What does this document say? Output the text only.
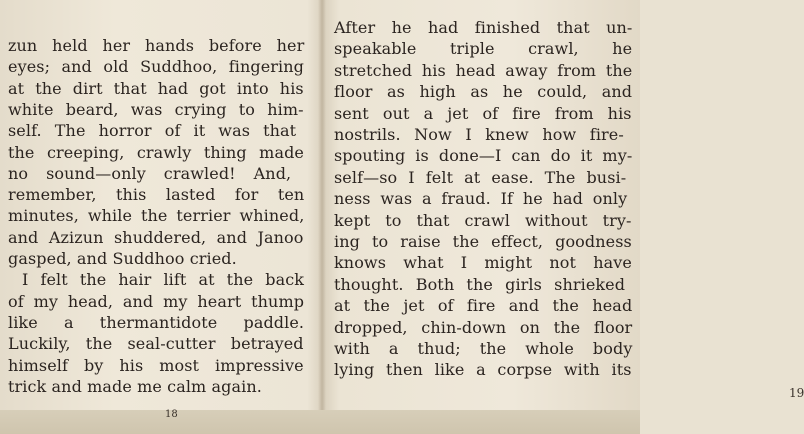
zun held her hands before her
eyes; and old Suddhoo, fingering
at the dirt that had got into his
white beard, was crying to him-
self. The horror of it was that
the creeping, crawly thing made
no sound—only crawled! And,
remember, this lasted for ten
minutes, while the terrier whined,
and Azizun shuddered, and Janoo
gasped, and Suddhoo cried.
I felt the hair lift at the back
of my head, and my heart thump
like a thermantidote paddle.
Luckily, the seal-cutter betrayed
himself by his most impressive
trick and made me calm again.
18
After he had finished that un-
speakable triple crawl, he
stretched his head away from the
floor as high as he could, and
sent out a jet of fire from his
nostrils. Now I knew how fire-
spouting is done—I can do it my-
self—so I felt at ease. The busi-
ness was a fraud. If he had only
kept to that crawl without try-
ing to raise the effect, goodness
knows what I might not have
thought. Both the girls shrieked
at the jet of fire and the head
dropped, chin-down on the floor
with a thud; the whole body
lying then like a corpse with its
19
